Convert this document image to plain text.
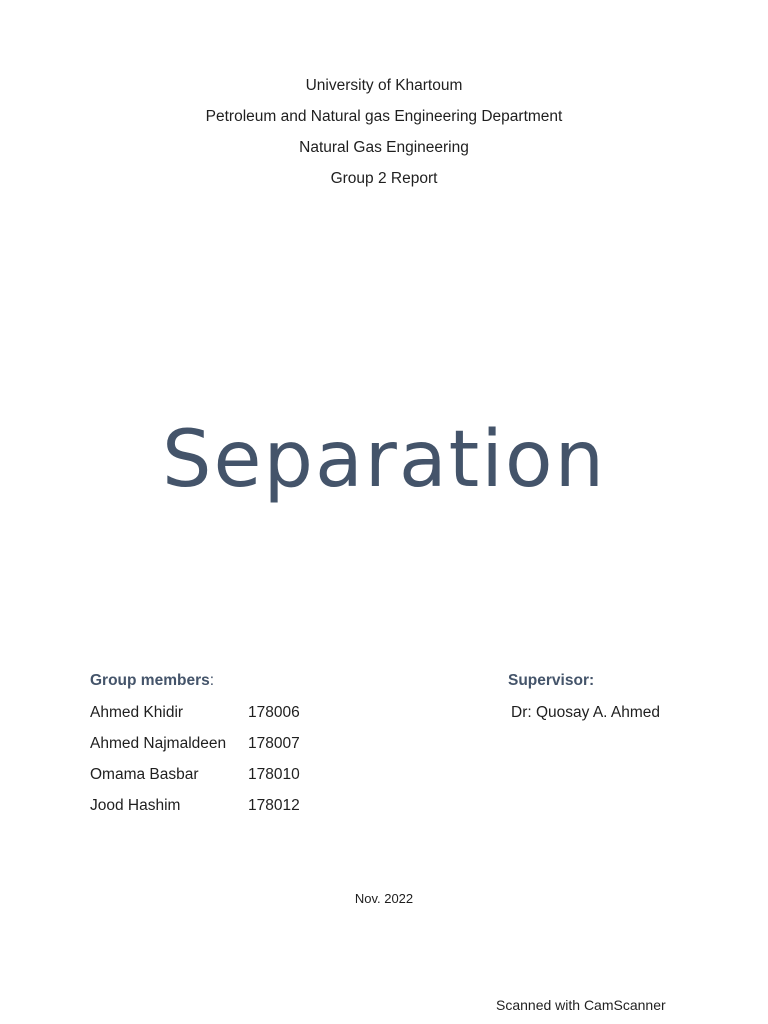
University of Khartoum
Petroleum and Natural gas Engineering Department
Natural Gas Engineering
Group 2 Report
Separation
Group members:
Ahmed Khidir	178006
Ahmed Najmaldeen 178007
Omama Basbar	178010
Jood Hashim	178012
Supervisor:
Dr: Quosay A. Ahmed
Nov. 2022
Scanned with CamScanner
